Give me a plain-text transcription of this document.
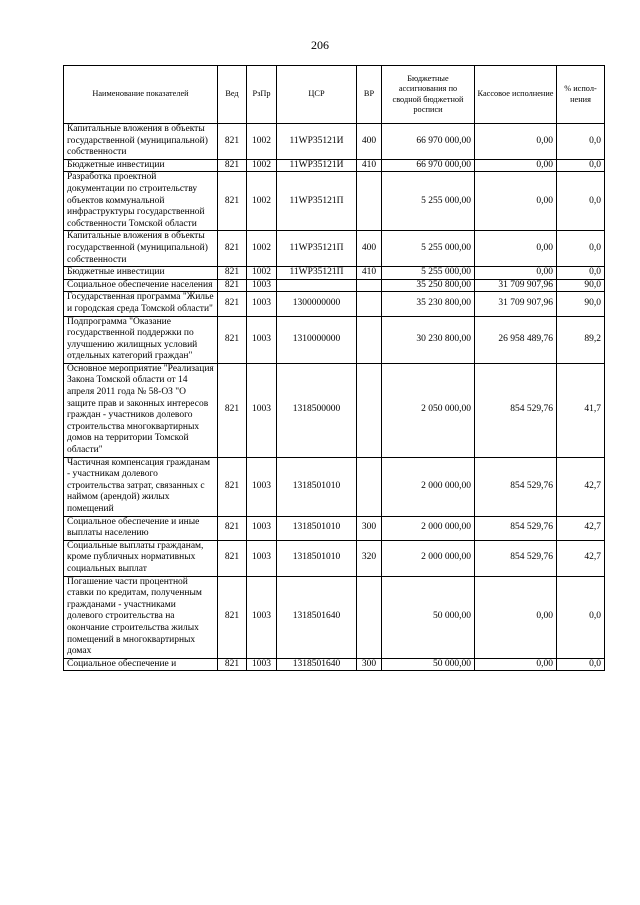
206
Наименование показателей	Вед	РзПр	ЦСР	ВР	Бюджетные ассигнования по сводной бюджетной росписи	Кассовое исполнение	% испол-нения
Капитальные вложения в объекты государственной (муниципальной) собственности	821	1002	11WP35121И	400	66 970 000,00	0,00	0,0
Бюджетные инвестиции	821	1002	11WP35121И	410	66 970 000,00	0,00	0,0
Разработка проектной документации по строительству объектов коммунальной инфраструктуры государственной собственности Томской области	821	1002	11WP35121П		5 255 000,00	0,00	0,0
Капитальные вложения в объекты государственной (муниципальной) собственности	821	1002	11WP35121П	400	5 255 000,00	0,00	0,0
Бюджетные инвестиции	821	1002	11WP35121П	410	5 255 000,00	0,00	0,0
Социальное обеспечение населения	821	1003			35 250 800,00	31 709 907,96	90,0
Государственная программа "Жилье и городская среда Томской области"	821	1003	1300000000		35 230 800,00	31 709 907,96	90,0
Подпрограмма "Оказание государственной поддержки по улучшению жилищных условий отдельных категорий граждан"	821	1003	1310000000		30 230 800,00	26 958 489,76	89,2
Основное мероприятие "Реализация Закона Томской области от 14 апреля 2011 года № 58-ОЗ "О защите прав и законных интересов граждан - участников долевого строительства многоквартирных домов на территории Томской области"	821	1003	1318500000		2 050 000,00	854 529,76	41,7
Частичная компенсация гражданам - участникам долевого строительства затрат, связанных с наймом (арендой) жилых помещений	821	1003	1318501010		2 000 000,00	854 529,76	42,7
Социальное обеспечение и иные выплаты населению	821	1003	1318501010	300	2 000 000,00	854 529,76	42,7
Социальные выплаты гражданам, кроме публичных нормативных социальных выплат	821	1003	1318501010	320	2 000 000,00	854 529,76	42,7
Погашение части процентной ставки по кредитам, полученным гражданами - участниками долевого строительства на окончание строительства жилых помещений в многоквартирных домах	821	1003	1318501640		50 000,00	0,00	0,0
Социальное обеспечение и	821	1003	1318501640	300	50 000,00	0,00	0,0
